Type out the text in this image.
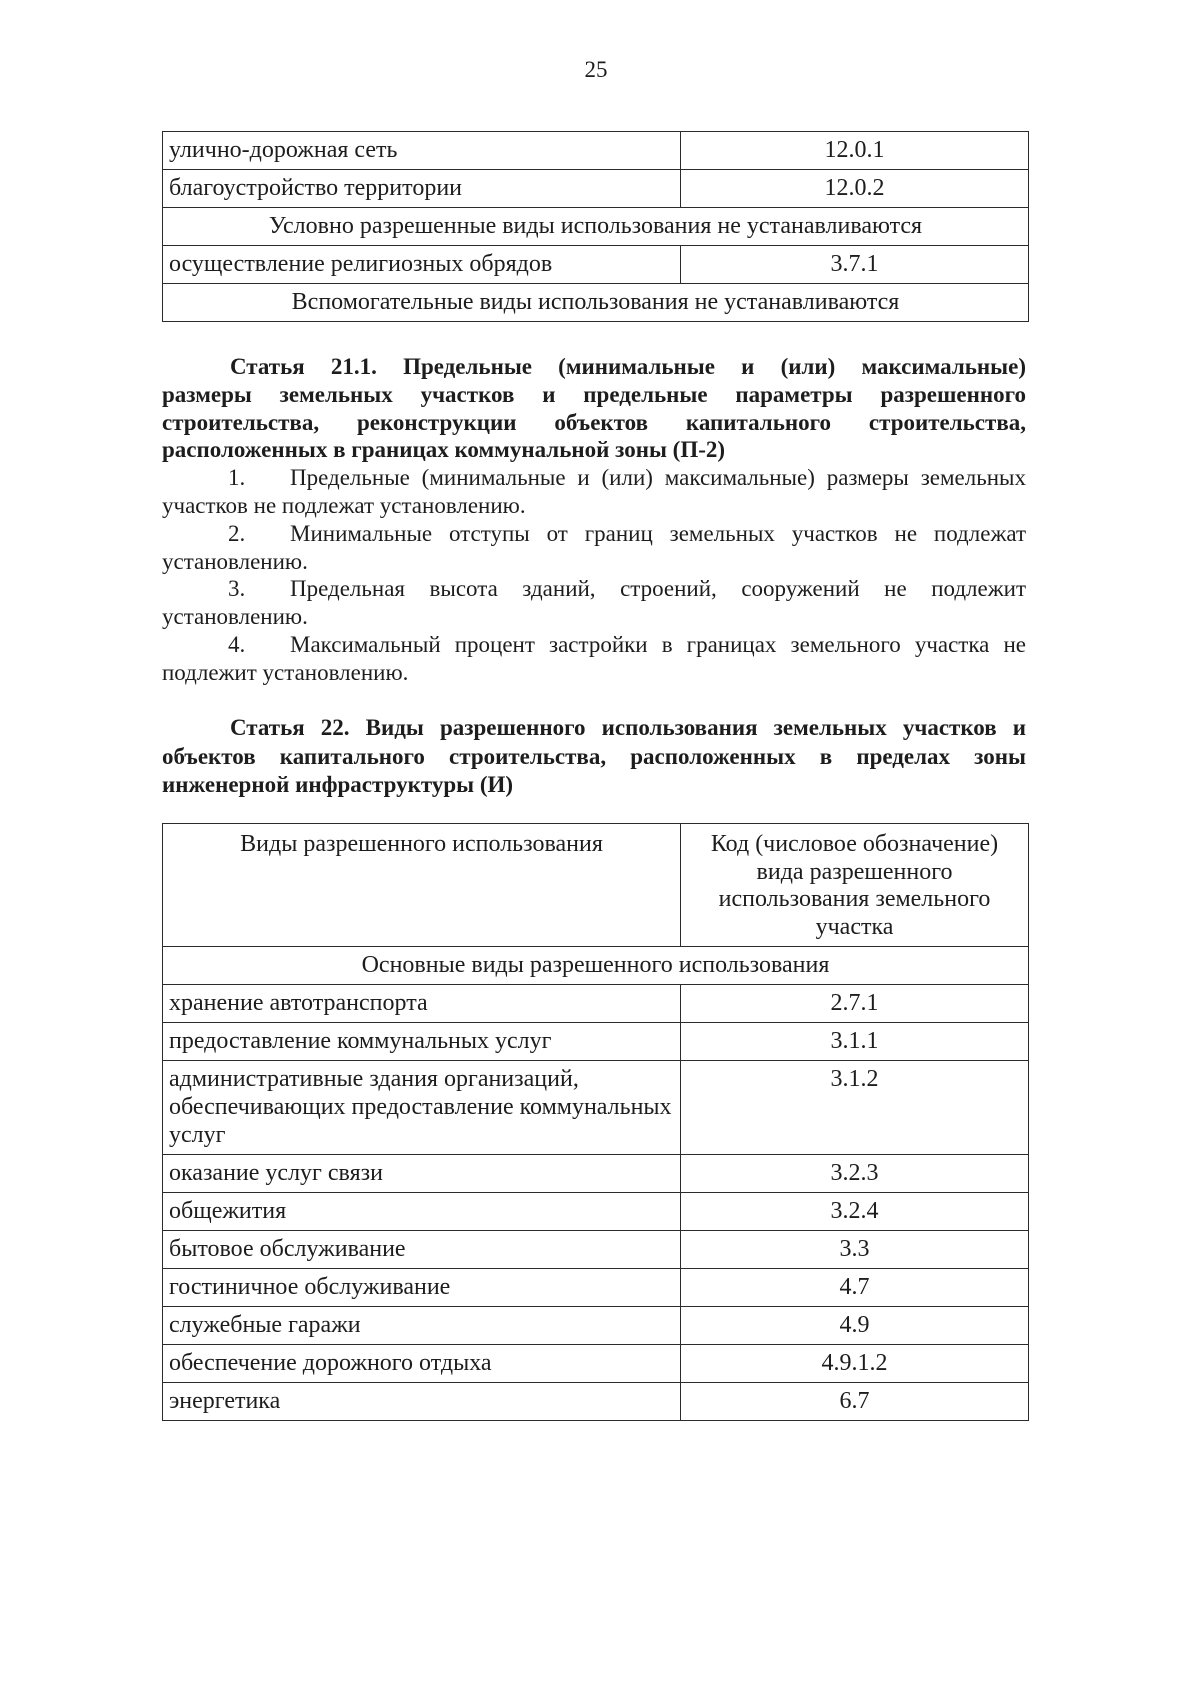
25
улично-дорожная сеть	12.0.1
благоустройство территории	12.0.2
Условно разрешенные виды использования не устанавливаются	
осуществление религиозных обрядов	3.7.1
Вспомогательные виды использования не устанавливаются	
Статья 21.1. Предельные (минимальные и (или) максимальные)
размеры земельных участков и предельные параметры разрешенного
строительства, реконструкции объектов капитального строительства,
расположенных в границах коммунальной зоны (П-2)
1.	Предельные (минимальные и (или) максимальные) размеры земельных
участков не подлежат установлению.
2.	Минимальные отступы от границ земельных участков не подлежат
установлению.
3.	Предельная высота зданий, строений, сооружений не подлежит
установлению.
4.	Максимальный процент застройки в границах земельного участка не
подлежит установлению.
Статья 22. Виды разрешенного использования земельных участков и
объектов капитального строительства, расположенных в пределах зоны
инженерной инфраструктуры (И)
Виды разрешенного использования	Код (числовое обозначение)
вида разрешенного
использования земельного
участка
Основные виды разрешенного использования	
хранение автотранспорта	2.7.1
предоставление коммунальных услуг	3.1.1
административные здания организаций,
обеспечивающих предоставление коммунальных
услуг	3.1.2
оказание услуг связи	3.2.3
общежития	3.2.4
бытовое обслуживание	3.3
гостиничное обслуживание	4.7
служебные гаражи	4.9
обеспечение дорожного отдыха	4.9.1.2
энергетика	6.7
